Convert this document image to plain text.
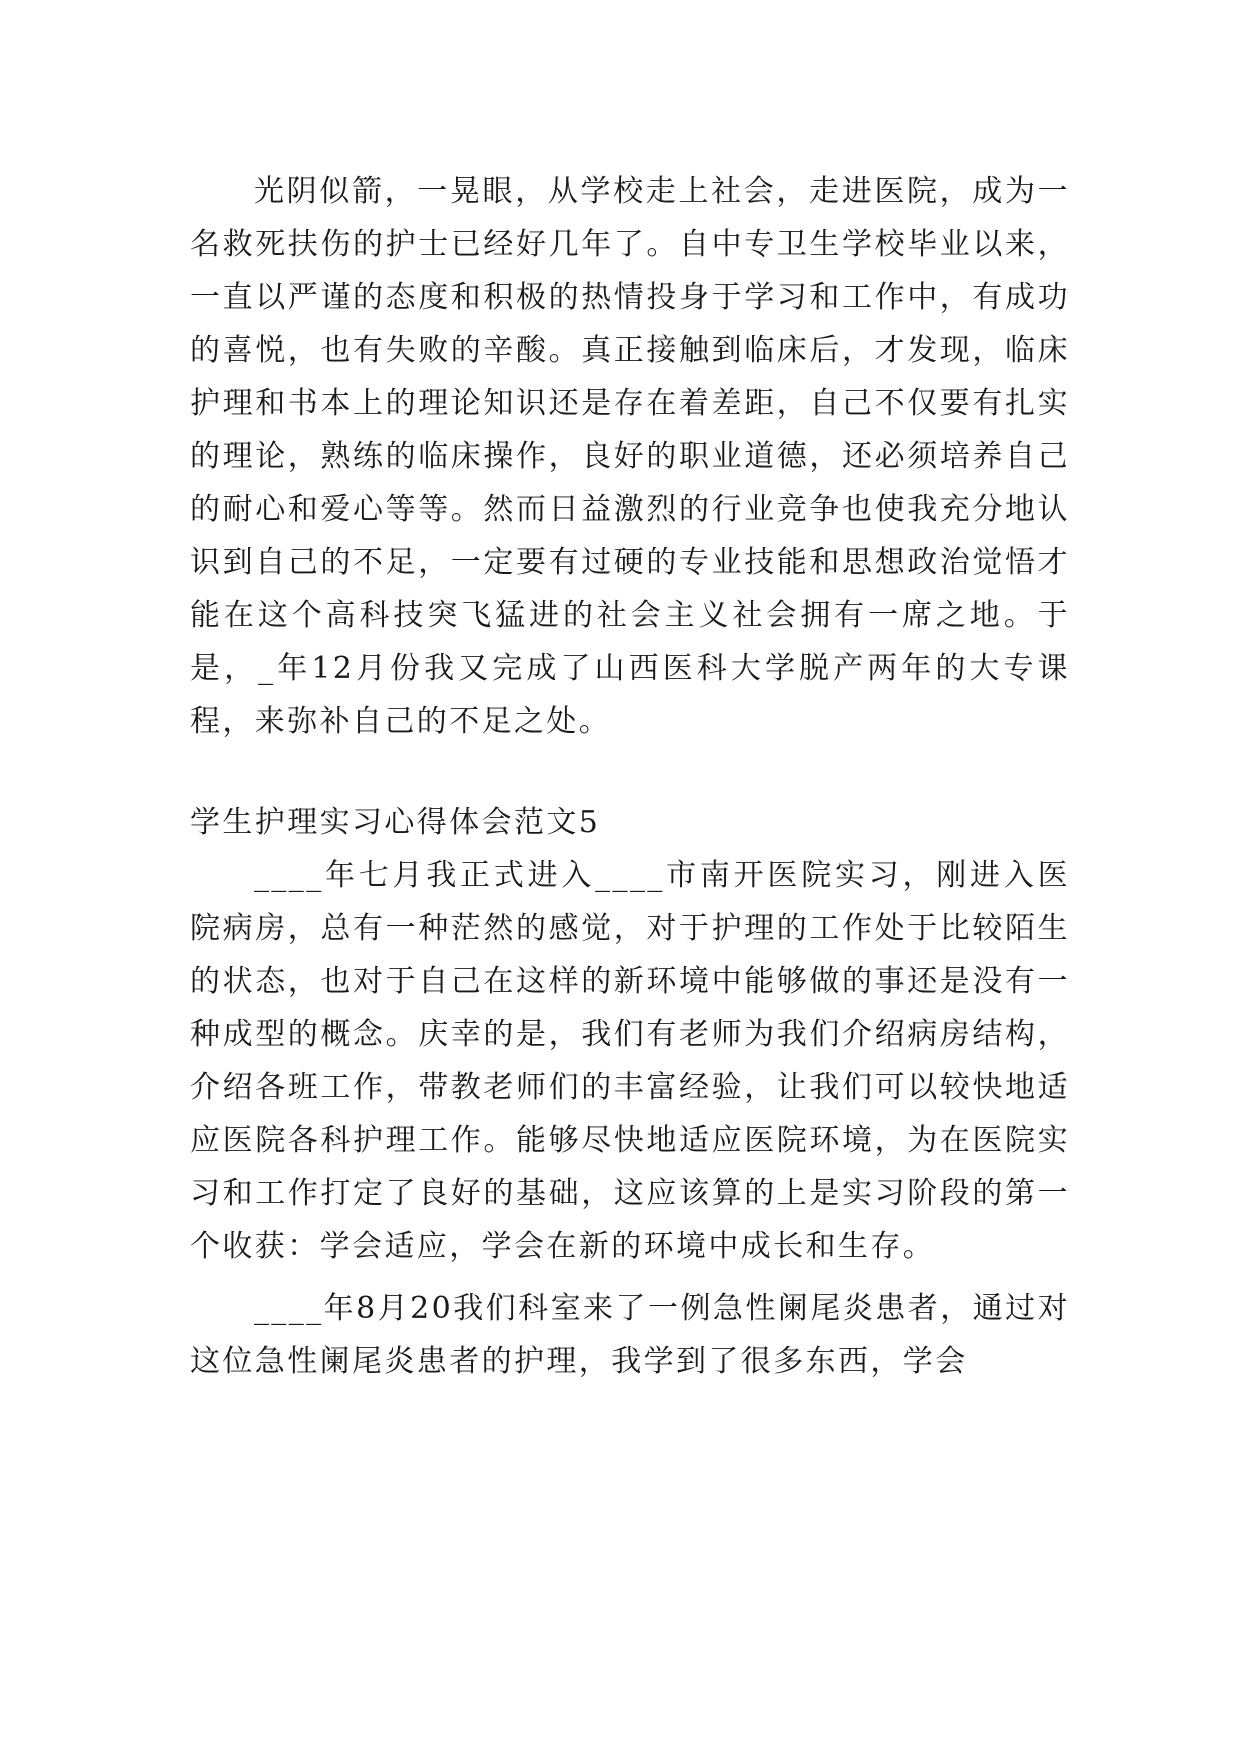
光阴似箭，一晃眼，从学校走上社会，走进医院，成为一名救死扶伤的护士已经好几年了。自中专卫生学校毕业以来，一直以严谨的态度和积极的热情投身于学习和工作中，有成功的喜悦，也有失败的辛酸。真正接触到临床后，才发现，临床护理和书本上的理论知识还是存在着差距，自己不仅要有扎实的理论，熟练的临床操作，良好的职业道德，还必须培养自己的耐心和爱心等等。然而日益激烈的行业竞争也使我充分地认识到自己的不足，一定要有过硬的专业技能和思想政治觉悟才能在这个高科技突飞猛进的社会主义社会拥有一席之地。于是，_年12月份我又完成了山西医科大学脱产两年的大专课程，来弥补自己的不足之处。

学生护理实习心得体会范文5

____年七月我正式进入____市南开医院实习，刚进入医院病房，总有一种茫然的感觉，对于护理的工作处于比较陌生的状态，也对于自己在这样的新环境中能够做的事还是没有一种成型的概念。庆幸的是，我们有老师为我们介绍病房结构，介绍各班工作，带教老师们的丰富经验，让我们可以较快地适应医院各科护理工作。能够尽快地适应医院环境，为在医院实习和工作打定了良好的基础，这应该算的上是实习阶段的第一个收获：学会适应，学会在新的环境中成长和生存。

____年8月20我们科室来了一例急性阑尾炎患者，通过对这位急性阑尾炎患者的护理，我学到了很多东西，学会
